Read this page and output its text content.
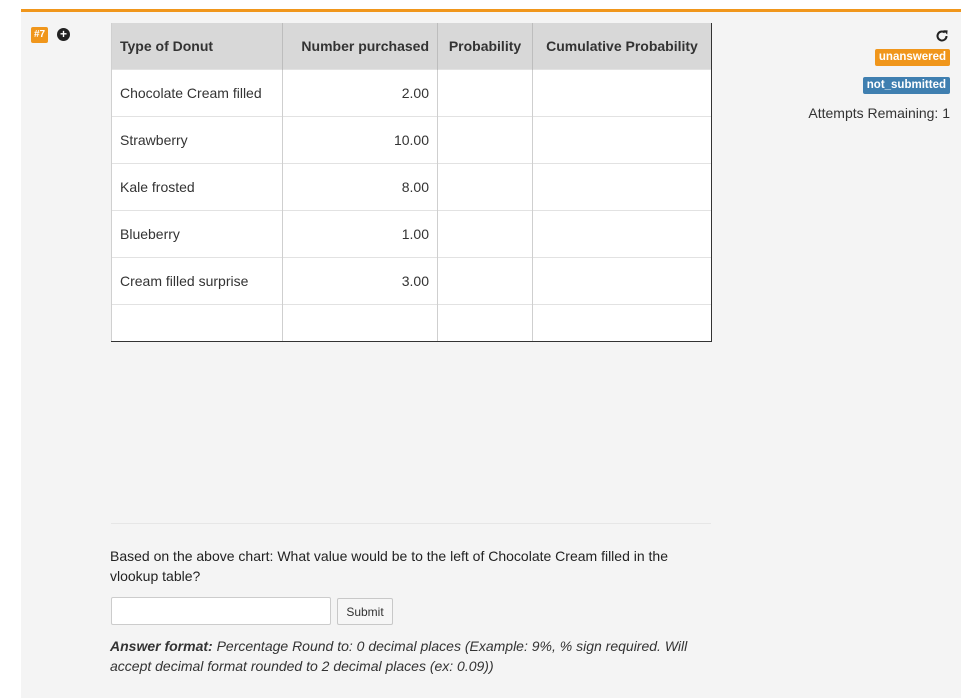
#7 +
Type of Donut	Number purchased	Probability	Cumulative Probability
Chocolate Cream filled	2.00		
Strawberry	10.00		
Kale frosted	8.00		
Blueberry	1.00		
Cream filled surprise	3.00		

unanswered
not_submitted
Attempts Remaining: 1
Based on the above chart: What value would be to the left of Chocolate Cream filled in the vlookup table?
Submit
Answer format: Percentage Round to: 0 decimal places (Example: 9%, % sign required. Will accept decimal format rounded to 2 decimal places (ex: 0.09))
